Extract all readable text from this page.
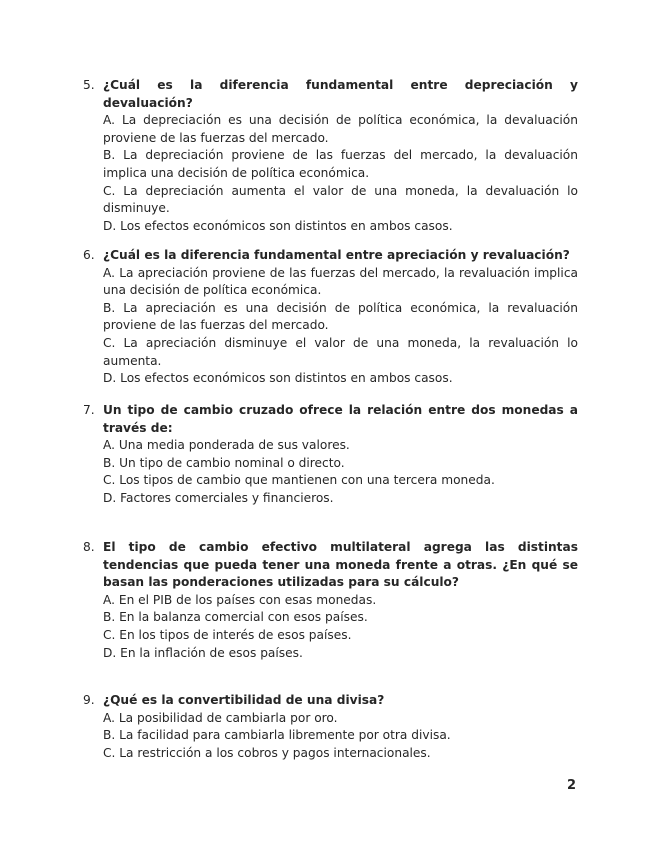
5. ¿Cuál es la diferencia fundamental entre depreciación y devaluación?
A. La depreciación es una decisión de política económica, la devaluación proviene de las fuerzas del mercado.
B. La depreciación proviene de las fuerzas del mercado, la devaluación implica una decisión de política económica.
C. La depreciación aumenta el valor de una moneda, la devaluación lo disminuye.
D. Los efectos económicos son distintos en ambos casos.
6. ¿Cuál es la diferencia fundamental entre apreciación y revaluación?
A. La apreciación proviene de las fuerzas del mercado, la revaluación implica una decisión de política económica.
B. La apreciación es una decisión de política económica, la revaluación proviene de las fuerzas del mercado.
C. La apreciación disminuye el valor de una moneda, la revaluación lo aumenta.
D. Los efectos económicos son distintos en ambos casos.
7. Un tipo de cambio cruzado ofrece la relación entre dos monedas a través de:
A. Una media ponderada de sus valores.
B. Un tipo de cambio nominal o directo.
C. Los tipos de cambio que mantienen con una tercera moneda.
D. Factores comerciales y financieros.
8. El tipo de cambio efectivo multilateral agrega las distintas tendencias que pueda tener una moneda frente a otras. ¿En qué se basan las ponderaciones utilizadas para su cálculo?
A. En el PIB de los países con esas monedas.
B. En la balanza comercial con esos países.
C. En los tipos de interés de esos países.
D. En la inflación de esos países.
9. ¿Qué es la convertibilidad de una divisa?
A. La posibilidad de cambiarla por oro.
B. La facilidad para cambiarla libremente por otra divisa.
C. La restricción a los cobros y pagos internacionales.
2
